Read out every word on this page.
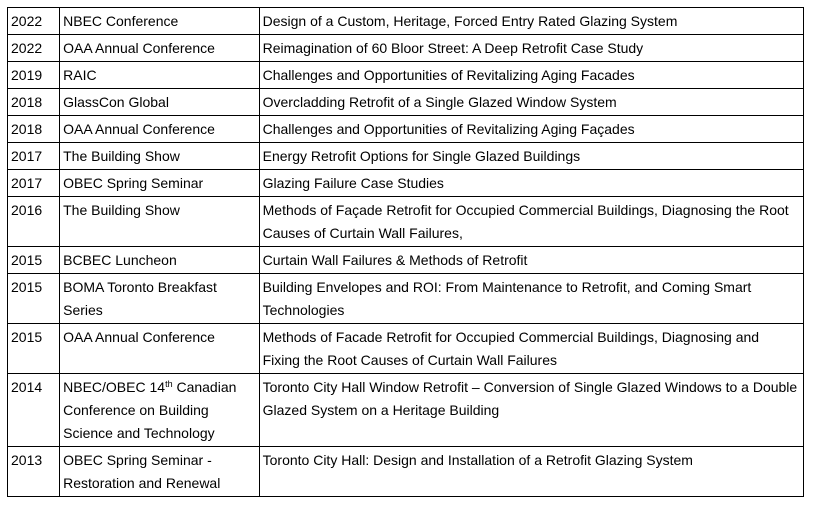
2022	NBEC Conference	Design of a Custom, Heritage, Forced Entry Rated Glazing System
2022	OAA Annual Conference	Reimagination of 60 Bloor Street: A Deep Retrofit Case Study
2019	RAIC	Challenges and Opportunities of Revitalizing Aging Facades
2018	GlassCon Global	Overcladding Retrofit of a Single Glazed Window System
2018	OAA Annual Conference	Challenges and Opportunities of Revitalizing Aging Façades
2017	The Building Show	Energy Retrofit Options for Single Glazed Buildings
2017	OBEC Spring Seminar	Glazing Failure Case Studies
2016	The Building Show	Methods of Façade Retrofit for Occupied Commercial Buildings, Diagnosing the Root Causes of Curtain Wall Failures,
2015	BCBEC Luncheon	Curtain Wall Failures & Methods of Retrofit
2015	BOMA Toronto Breakfast Series	Building Envelopes and ROI: From Maintenance to Retrofit, and Coming Smart Technologies
2015	OAA Annual Conference	Methods of Facade Retrofit for Occupied Commercial Buildings, Diagnosing and Fixing the Root Causes of Curtain Wall Failures
2014	NBEC/OBEC 14th Canadian Conference on Building Science and Technology	Toronto City Hall Window Retrofit – Conversion of Single Glazed Windows to a Double Glazed System on a Heritage Building
2013	OBEC Spring Seminar - Restoration and Renewal	Toronto City Hall: Design and Installation of a Retrofit Glazing System
